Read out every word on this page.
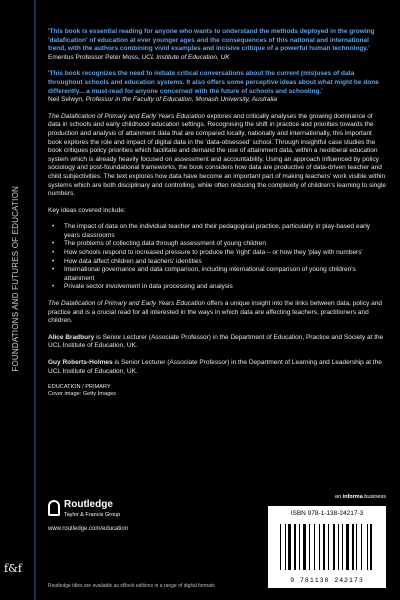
FOUNDATIONS AND FUTURES OF EDUCATION
f&f
'This book is essential reading for anyone who wants to understand the methods deployed in the growing 'datafication' of education at ever younger ages and the consequences of this national and international trend, with the authors combining vivid examples and incisive critique of a powerful human technology.'
Emeritus Professor Peter Moss, UCL Institute of Education, UK
'This book recognizes the need to initiate critical conversations about the current (mis)uses of data throughout schools and education systems. It also offers some perceptive ideas about what might be done differently... a must-read for anyone concerned with the future of schools and schooling.'
Neil Selwyn, Professor in the Faculty of Education, Monash University, Australia

The Datafication of Primary and Early Years Education explores and critically analyses the growing dominance of data in schools and early childhood education settings. Recognising the shift in practice and priorities towards the production and analysis of attainment data that are compared locally, nationally and internationally, this important book explores the role and impact of digital data in the 'data-obsessed' school. Through insightful case studies the book critiques policy priorities which facilitate and demand the use of attainment data, within a neoliberal education system which is already heavily focused on assessment and accountability. Using an approach influenced by policy sociology and post-foundational frameworks, the book considers how data are productive of data-driven teacher and child subjectivities. The text explores how data have become an important part of making teachers' work visible within systems which are both disciplinary and controlling, while often reducing the complexity of children's learning to single numbers.

Key ideas covered include:

• The impact of data on the individual teacher and their pedagogical practice, particularly in play-based early years classrooms
• The problems of collecting data through assessment of young children
• How schools respond to increased pressure to produce the 'right' data – or how they 'play with numbers'
• How data affect children and teachers' identities
• International governance and data comparison, including international comparison of young children's attainment
• Private sector involvement in data processing and analysis

The Datafication of Primary and Early Years Education offers a unique insight into the links between data, policy and practice and is a crucial read for all interested in the ways in which data are affecting teachers, practitioners and children.

Alice Bradbury is Senior Lecturer (Associate Professor) in the Department of Education, Practice and Society at the UCL Institute of Education, UK.

Guy Roberts-Holmes is Senior Lecturer (Associate Professor) in the Department of Learning and Leadership at the UCL Institute of Education, UK.

EDUCATION / PRIMARY
Cover image: Getty Images
Routledge
Taylor & Francis Group
www.routledge.com/education
an informa business
ISBN 978-1-138-24217-3
9 781138 242173
Routledge titles are available as eBook editions in a range of digital formats
